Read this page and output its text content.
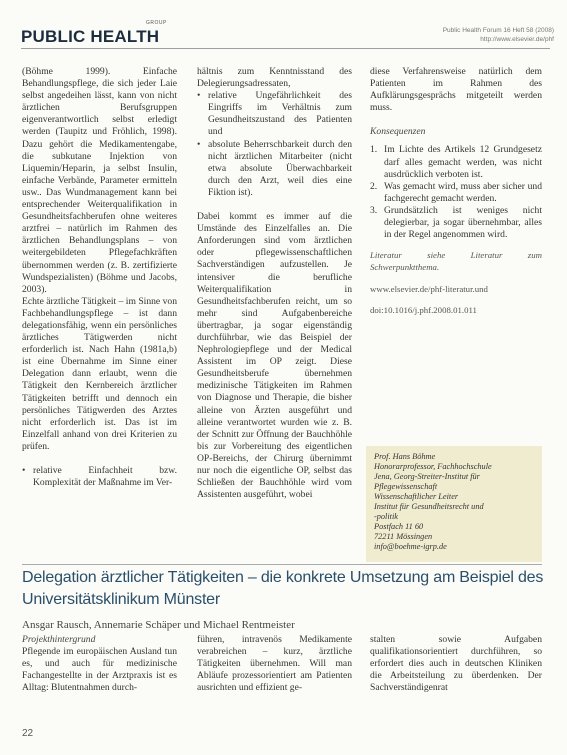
PUBLIC HEALTH
GROUP
Public Health Forum 16 Heft 58 (2008)
http://www.elsevier.de/phf

(Böhme 1999). Einfache Behandlungspflege, die sich jeder Laie selbst angedeihen lässt, kann von nicht ärztlichen Berufsgruppen eigenverantwortlich selbst erledigt werden (Taupitz und Fröhlich, 1998). Dazu gehört die Medikamentengabe, die subkutane Injektion von Liquemin/Heparin, ja selbst Insulin, einfache Verbände, Parameter ermitteln usw.. Das Wundmanagement kann bei entsprechender Weiterqualifikation in Gesundheitsfachberufen ohne weiteres arztfrei – natürlich im Rahmen des ärztlichen Behandlungsplans – von weitergebildeten Pflegefachkräften übernommen werden (z. B. zertifizierte Wundspezialisten) (Böhme und Jacobs, 2003).

Echte ärztliche Tätigkeit – im Sinne von Fachbehandlungspflege – ist dann delegationsfähig, wenn ein persönliches ärztliches Tätigwerden nicht erforderlich ist. Nach Hahn (1981a,b) ist eine Übernahme im Sinne einer Delegation dann erlaubt, wenn die Tätigkeit den Kernbereich ärztlicher Tätigkeiten betrifft und dennoch ein persönliches Tätigwerden des Arztes nicht erforderlich ist. Das ist im Einzelfall anhand von drei Kriterien zu prüfen.

• relative Einfachheit bzw. Komplexität der Maßnahme im Ver-

hältnis zum Kenntnisstand des Delegierungsadressaten,

• relative Ungefährlichkeit des Eingriffs im Verhältnis zum Gesundheitszustand des Patienten und
• absolute Beherrschbarkeit durch den nicht ärztlichen Mitarbeiter (nicht etwa absolute Überwachbarkeit durch den Arzt, weil dies eine Fiktion ist).

Dabei kommt es immer auf die Umstände des Einzelfalles an. Die Anforderungen sind vom ärztlichen oder pflegewissenschaftlichen Sachverständigen aufzustellen. Je intensiver die berufliche Weiterqualifikation in Gesundheitsfachberufen reicht, um so mehr sind Aufgabenbereiche übertragbar, ja sogar eigenständig durchführbar, wie das Beispiel der Nephrologiepflege und der Medical Assistent im OP zeigt. Diese Gesundheitsberufe übernehmen medizinische Tätigkeiten im Rahmen von Diagnose und Therapie, die bisher alleine von Ärzten ausgeführt und alleine verantwortet wurden wie z. B. der Schnitt zur Öffnung der Bauchhöhle bis zur Vorbereitung des eigentlichen OP-Bereichs, der Chirurg übernimmt nur noch die eigentliche OP, selbst das Schließen der Bauchhöhle wird vom Assistenten ausgeführt, wobei

diese Verfahrensweise natürlich dem Patienten im Rahmen des Aufklärungsgesprächs mitgeteilt werden muss.

Konsequenzen

1. Im Lichte des Artikels 12 Grundgesetz darf alles gemacht werden, was nicht ausdrücklich verboten ist.
2. Was gemacht wird, muss aber sicher und fachgerecht gemacht werden.
3. Grundsätzlich ist weniges nicht delegierbar, ja sogar übernehmbar, alles in der Regel angenommen wird.

Literatur siehe Literatur zum Schwerpunktthema.

www.elsevier.de/phf-literatur.und

doi:10.1016/j.phf.2008.01.011

Prof. Hans Böhme
Honorarprofessor, Fachhochschule
Jena, Georg-Streiter-Institut für
Pflegewissenschaft
Wissenschaftlicher Leiter
Institut für Gesundheitsrecht und
-politik
Postfach 11 60
72211 Mössingen
info@boehme-igrp.de
Delegation ärztlicher Tätigkeiten – die konkrete Umsetzung am Beispiel des Universitätsklinikum Münster
Ansgar Rausch, Annemarie Schäper und Michael Rentmeister

Projekthintergrund

Pflegende im europäischen Ausland tun es, und auch für medizinische Fachangestellte in der Arztpraxis ist es Alltag: Blutentnahmen durch-

führen, intravenös Medikamente verabreichen – kurz, ärztliche Tätigkeiten übernehmen. Will man Abläufe prozessorientiert am Patienten ausrichten und effizient ge-

stalten sowie Aufgaben qualifikationsorientiert durchführen, so erfordert dies auch in deutschen Kliniken die Arbeitsteilung zu überdenken. Der Sachverständigenrat

22
